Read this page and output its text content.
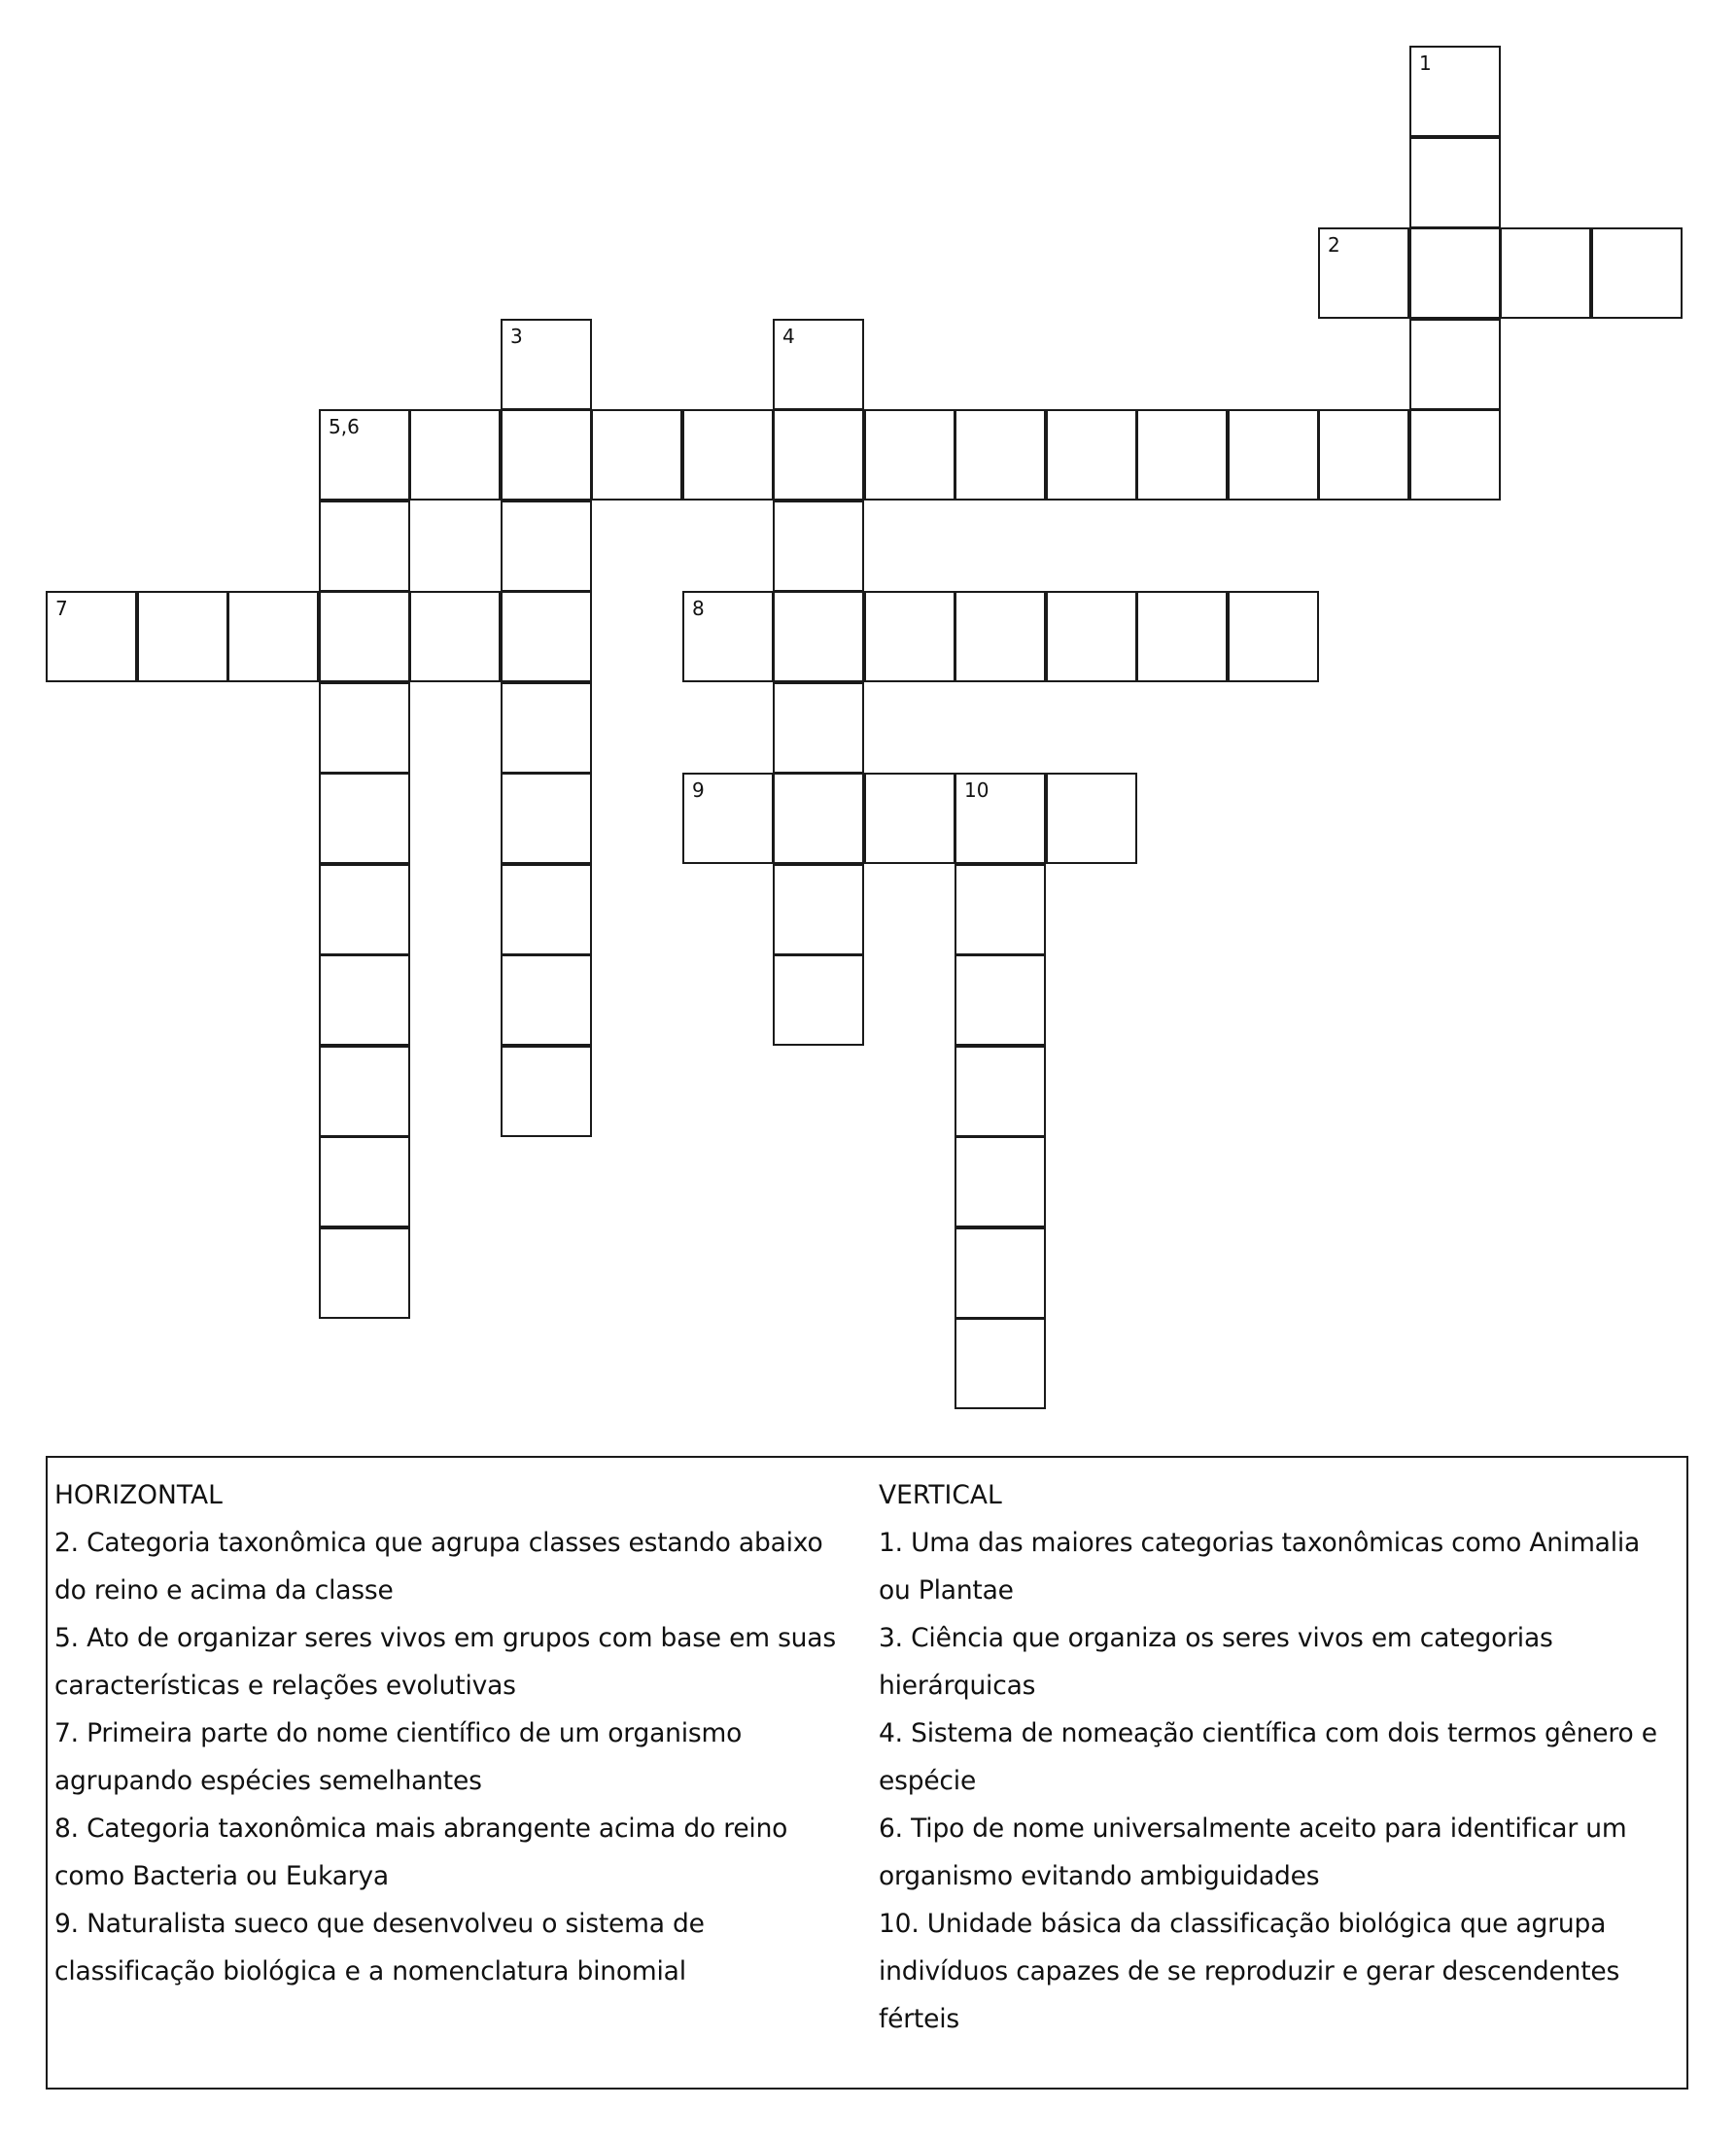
1
2
3	4
5,6
7	8
9	10

HORIZONTAL

2. Categoria taxonômica que agrupa classes estando abaixo

do reino e acima da classe

5. Ato de organizar seres vivos em grupos com base em suas

características e relações evolutivas

7. Primeira parte do nome científico de um organismo

agrupando espécies semelhantes

8. Categoria taxonômica mais abrangente acima do reino

como Bacteria ou Eukarya

9. Naturalista sueco que desenvolveu o sistema de

classificação biológica e a nomenclatura binomial

VERTICAL

1. Uma das maiores categorias taxonômicas como Animalia

ou Plantae

3. Ciência que organiza os seres vivos em categorias

hierárquicas

4. Sistema de nomeação científica com dois termos gênero e

espécie

6. Tipo de nome universalmente aceito para identificar um

organismo evitando ambiguidades

10. Unidade básica da classificação biológica que agrupa

indivíduos capazes de se reproduzir e gerar descendentes

férteis
